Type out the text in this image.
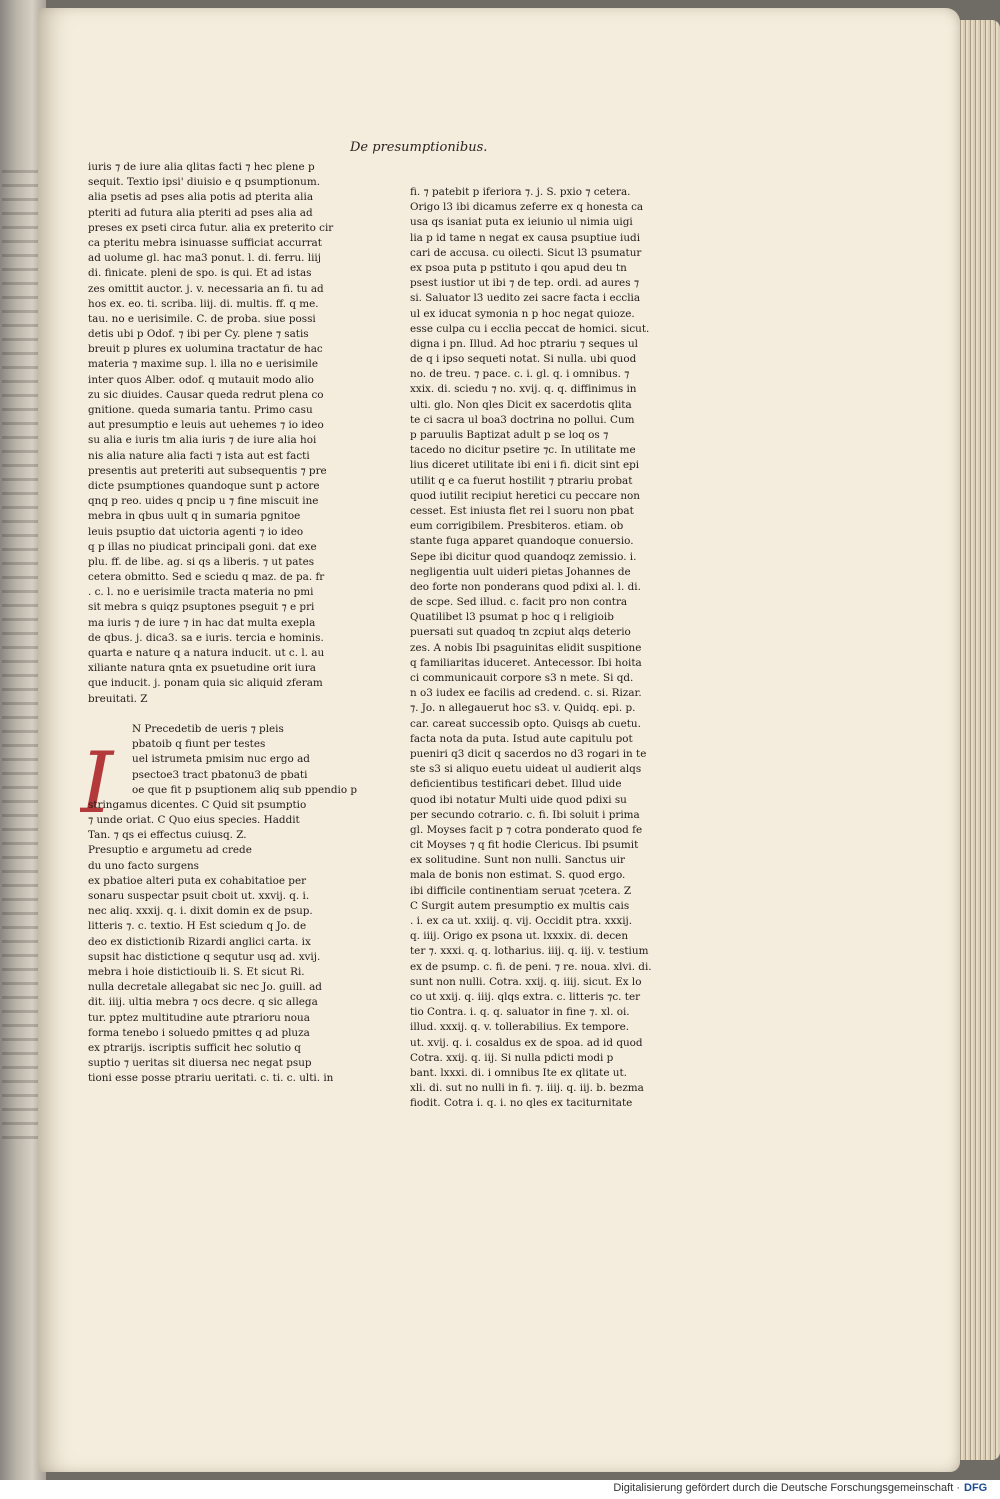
De presumptionibus.
I
iuris ⁊ de iure alia qlitas facti ⁊ hec plene p
sequit. Textio ipsi' diuisio e q psumptionum.
alia psetis ad pses alia potis ad pterita alia
pteriti ad futura alia pteriti ad pses alia ad
preses ex pseti circa futur. alia ex preterito cir
ca pteritu mebra isinuasse sufficiat accurrat
ad uolume gl. hac ma3 ponut. l. di. ferru. liij
di. finicate. pleni de spo. is qui. Et ad istas
zes omittit auctor. j. v. necessaria an fi. tu ad
hos ex. eo. ti. scriba. liij. di. multis. ff. q me.
tau. no e uerisimile. C. de proba. siue possi
detis ubi p Odof. ⁊ ibi per Cy. plene ⁊ satis
breuit p plures ex uolumina tractatur de hac
materia ⁊ maxime sup. l. illa no e uerisimile
inter quos Alber. odof. q mutauit modo alio
zu sic diuides. Causar queda redrut plena co
gnitione. queda sumaria tantu. Primo casu
aut presumptio e leuis aut uehemes ⁊ io ideo
su alia e iuris tm alia iuris ⁊ de iure alia hoi
nis alia nature alia facti ⁊ ista aut est facti
presentis aut preteriti aut subsequentis ⁊ pre
dicte psumptiones quandoque sunt p actore
qnq p reo. uides q pncip u ⁊ fine miscuit ine
mebra in qbus uult q in sumaria pgnitoe
leuis psuptio dat uictoria agenti ⁊ io ideo
q p illas no piudicat principali goni. dat exe
plu. ff. de libe. ag. si qs a liberis. ⁊ ut pates
cetera obmitto. Sed e sciedu q maz. de pa. fr
. c. l. no e uerisimile tracta materia no pmi
sit mebra s quiqz psuptones pseguit ⁊ e pri
ma iuris ⁊ de iure ⁊ in hac dat multa exepla
de qbus. j. dica3. sa e iuris. tercia e hominis.
quarta e nature q a natura inducit. ut c. l. au
xiliante natura qnta ex psuetudine orit iura
que inducit. j. ponam quia sic aliquid zferam
breuitati. Z
N Precedetib de ueris ⁊ pleis
pbatoib q fiunt per testes
uel istrumeta pmisim nuc ergo ad
psectoe3 tract pbatonu3 de pbati
oe que fit p psuptionem aliq sub ppendio p
stringamus dicentes. C Quid sit psumptio
⁊ unde oriat. C Quo eius species. Haddit
Tan. ⁊ qs ei effectus cuiusq. Z.
Presuptio e argumetu ad crede
du uno facto surgens
ex pbatioe alteri puta ex cohabitatioe per
sonaru suspectar psuit cboit ut. xxvij. q. i.
nec aliq. xxxij. q. i. dixit domin ex de psup.
litteris ⁊. c. textio. H Est sciedum q Jo. de
deo ex distictionib Rizardi anglici carta. ix
supsit hac distictione q sequtur usq ad. xvij.
mebra i hoie distictiouib li. S. Et sicut Ri.
nulla decretale allegabat sic nec Jo. guill. ad
dit. iiij. ultia mebra ⁊ ocs decre. q sic allega
tur. pptez multitudine aute ptrarioru noua
forma tenebo i soluedo pmittes q ad pluza
ex ptrarijs. iscriptis sufficit hec solutio q
suptio ⁊ ueritas sit diuersa nec negat psup
tioni esse posse ptrariu ueritati. c. ti. c. ulti. in
fi. ⁊ patebit p iferiora ⁊. j. S. pxio ⁊ cetera.
Origo l3 ibi dicamus zeferre ex q honesta ca
usa qs isaniat puta ex ieiunio ul nimia uigi
lia p id tame n negat ex causa psuptiue iudi
cari de accusa. cu oilecti. Sicut l3 psumatur
ex psoa puta p pstituto i qou apud deu tn
psest iustior ut ibi ⁊ de tep. ordi. ad aures ⁊
si. Saluator l3 uedito zei sacre facta i ecclia
ul ex iducat symonia n p hoc negat quioze.
esse culpa cu i ecclia peccat de homici. sicut.
digna i pn. Illud. Ad hoc ptrariu ⁊ seques ul
de q i ipso sequeti notat. Si nulla. ubi quod
no. de treu. ⁊ pace. c. i. gl. q. i omnibus. ⁊
xxix. di. sciedu ⁊ no. xvij. q. q. diffinimus in
ulti. glo. Non qles Dicit ex sacerdotis qlita
te ci sacra ul boa3 doctrina no pollui. Cum
p paruulis Baptizat adult p se loq os ⁊
tacedo no dicitur psetire ⁊c. In utilitate me
lius diceret utilitate ibi eni i fi. dicit sint epi
utilit q e ca fuerut hostilit ⁊ ptrariu probat
quod iutilit recipiut heretici cu peccare non
cesset. Est iniusta flet rei l suoru non pbat
eum corrigibilem. Presbiteros. etiam. ob
stante fuga apparet quandoque conuersio.
Sepe ibi dicitur quod quandoqz zemissio. i.
negligentia uult uideri pietas Johannes de
deo forte non ponderans quod pdixi al. l. di.
de scpe. Sed illud. c. facit pro non contra
Quatilibet l3 psumat p hoc q i religioib
puersati sut quadoq tn zcpiut alqs deterio
zes. A nobis Ibi psaguinitas elidit suspitione
q familiaritas iduceret. Antecessor. Ibi hoita
ci communicauit corpore s3 n mete. Si qd.
n o3 iudex ee facilis ad credend. c. si. Rizar.
⁊. Jo. n allegauerut hoc s3. v. Quidq. epi. p.
car. careat successib opto. Quisqs ab cuetu.
facta nota da puta. Istud aute capitulu pot
pueniri q3 dicit q sacerdos no d3 rogari in te
ste s3 si aliquo euetu uideat ul audierit alqs
deficientibus testificari debet. Illud uide
quod ibi notatur Multi uide quod pdixi su
per secundo cotrario. c. fi. Ibi soluit i prima
gl. Moyses facit p ⁊ cotra ponderato quod fe
cit Moyses ⁊ q fit hodie Clericus. Ibi psumit
ex solitudine. Sunt non nulli. Sanctus uir
mala de bonis non estimat. S. quod ergo.
ibi difficile continentiam seruat ⁊cetera. Z
C Surgit autem presumptio ex multis cais
. i. ex ca ut. xxiij. q. vij. Occidit ptra. xxxij.
q. iiij. Origo ex psona ut. lxxxix. di. decen
ter ⁊. xxxi. q. q. lotharius. iiij. q. iij. v. testium
ex de psump. c. fi. de peni. ⁊ re. noua. xlvi. di.
sunt non nulli. Cotra. xxij. q. iiij. sicut. Ex lo
co ut xxij. q. iiij. qlqs extra. c. litteris ⁊c. ter
tio Contra. i. q. q. saluator in fine ⁊. xl. oi.
illud. xxxij. q. v. tollerabilius. Ex tempore.
ut. xvij. q. i. cosaldus ex de spoa. ad id quod
Cotra. xxij. q. iij. Si nulla pdicti modi p
bant. lxxxi. di. i omnibus Ite ex qlitate ut.
xli. di. sut no nulli in fi. ⁊. iiij. q. iij. b. bezma
fiodit. Cotra i. q. i. no qles ex taciturnitate
Digitalisierung gefördert durch die Deutsche Forschungsgemeinschaft · DFG
